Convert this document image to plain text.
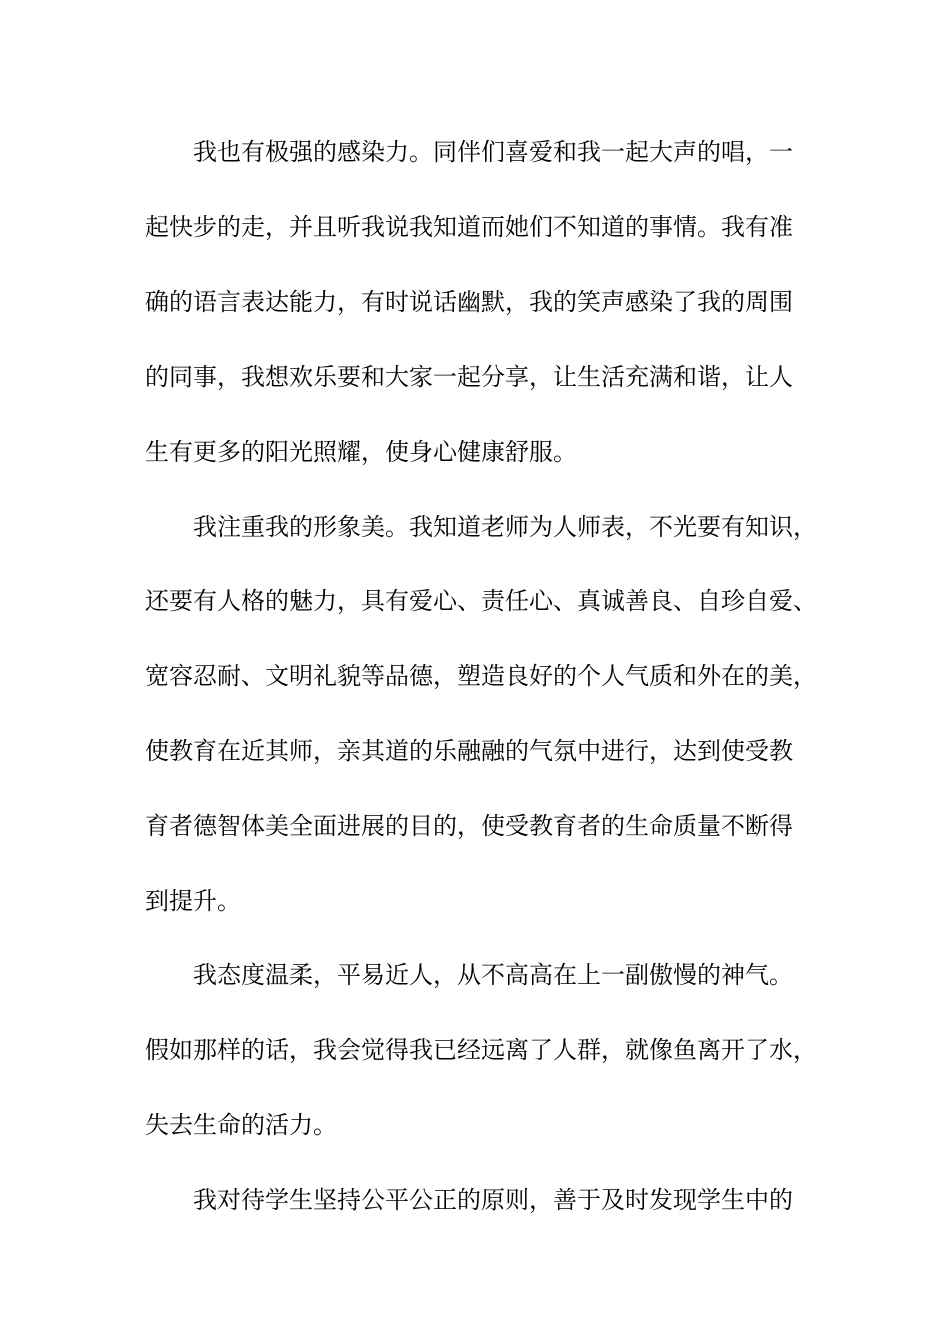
我也有极强的感染力。同伴们喜爱和我一起大声的唱，一
起快步的走，并且听我说我知道而她们不知道的事情。我有准
确的语言表达能力，有时说话幽默，我的笑声感染了我的周围
的同事，我想欢乐要和大家一起分享，让生活充满和谐，让人
生有更多的阳光照耀，使身心健康舒服。
我注重我的形象美。我知道老师为人师表，不光要有知识，
还要有人格的魅力，具有爱心、责任心、真诚善良、自珍自爱、
宽容忍耐、文明礼貌等品德，塑造良好的个人气质和外在的美，
使教育在近其师，亲其道的乐融融的气氛中进行，达到使受教
育者德智体美全面进展的目的，使受教育者的生命质量不断得
到提升。
我态度温柔，平易近人，从不高高在上一副傲慢的神气。
假如那样的话，我会觉得我已经远离了人群，就像鱼离开了水，
失去生命的活力。
我对待学生坚持公平公正的原则，善于及时发现学生中的
